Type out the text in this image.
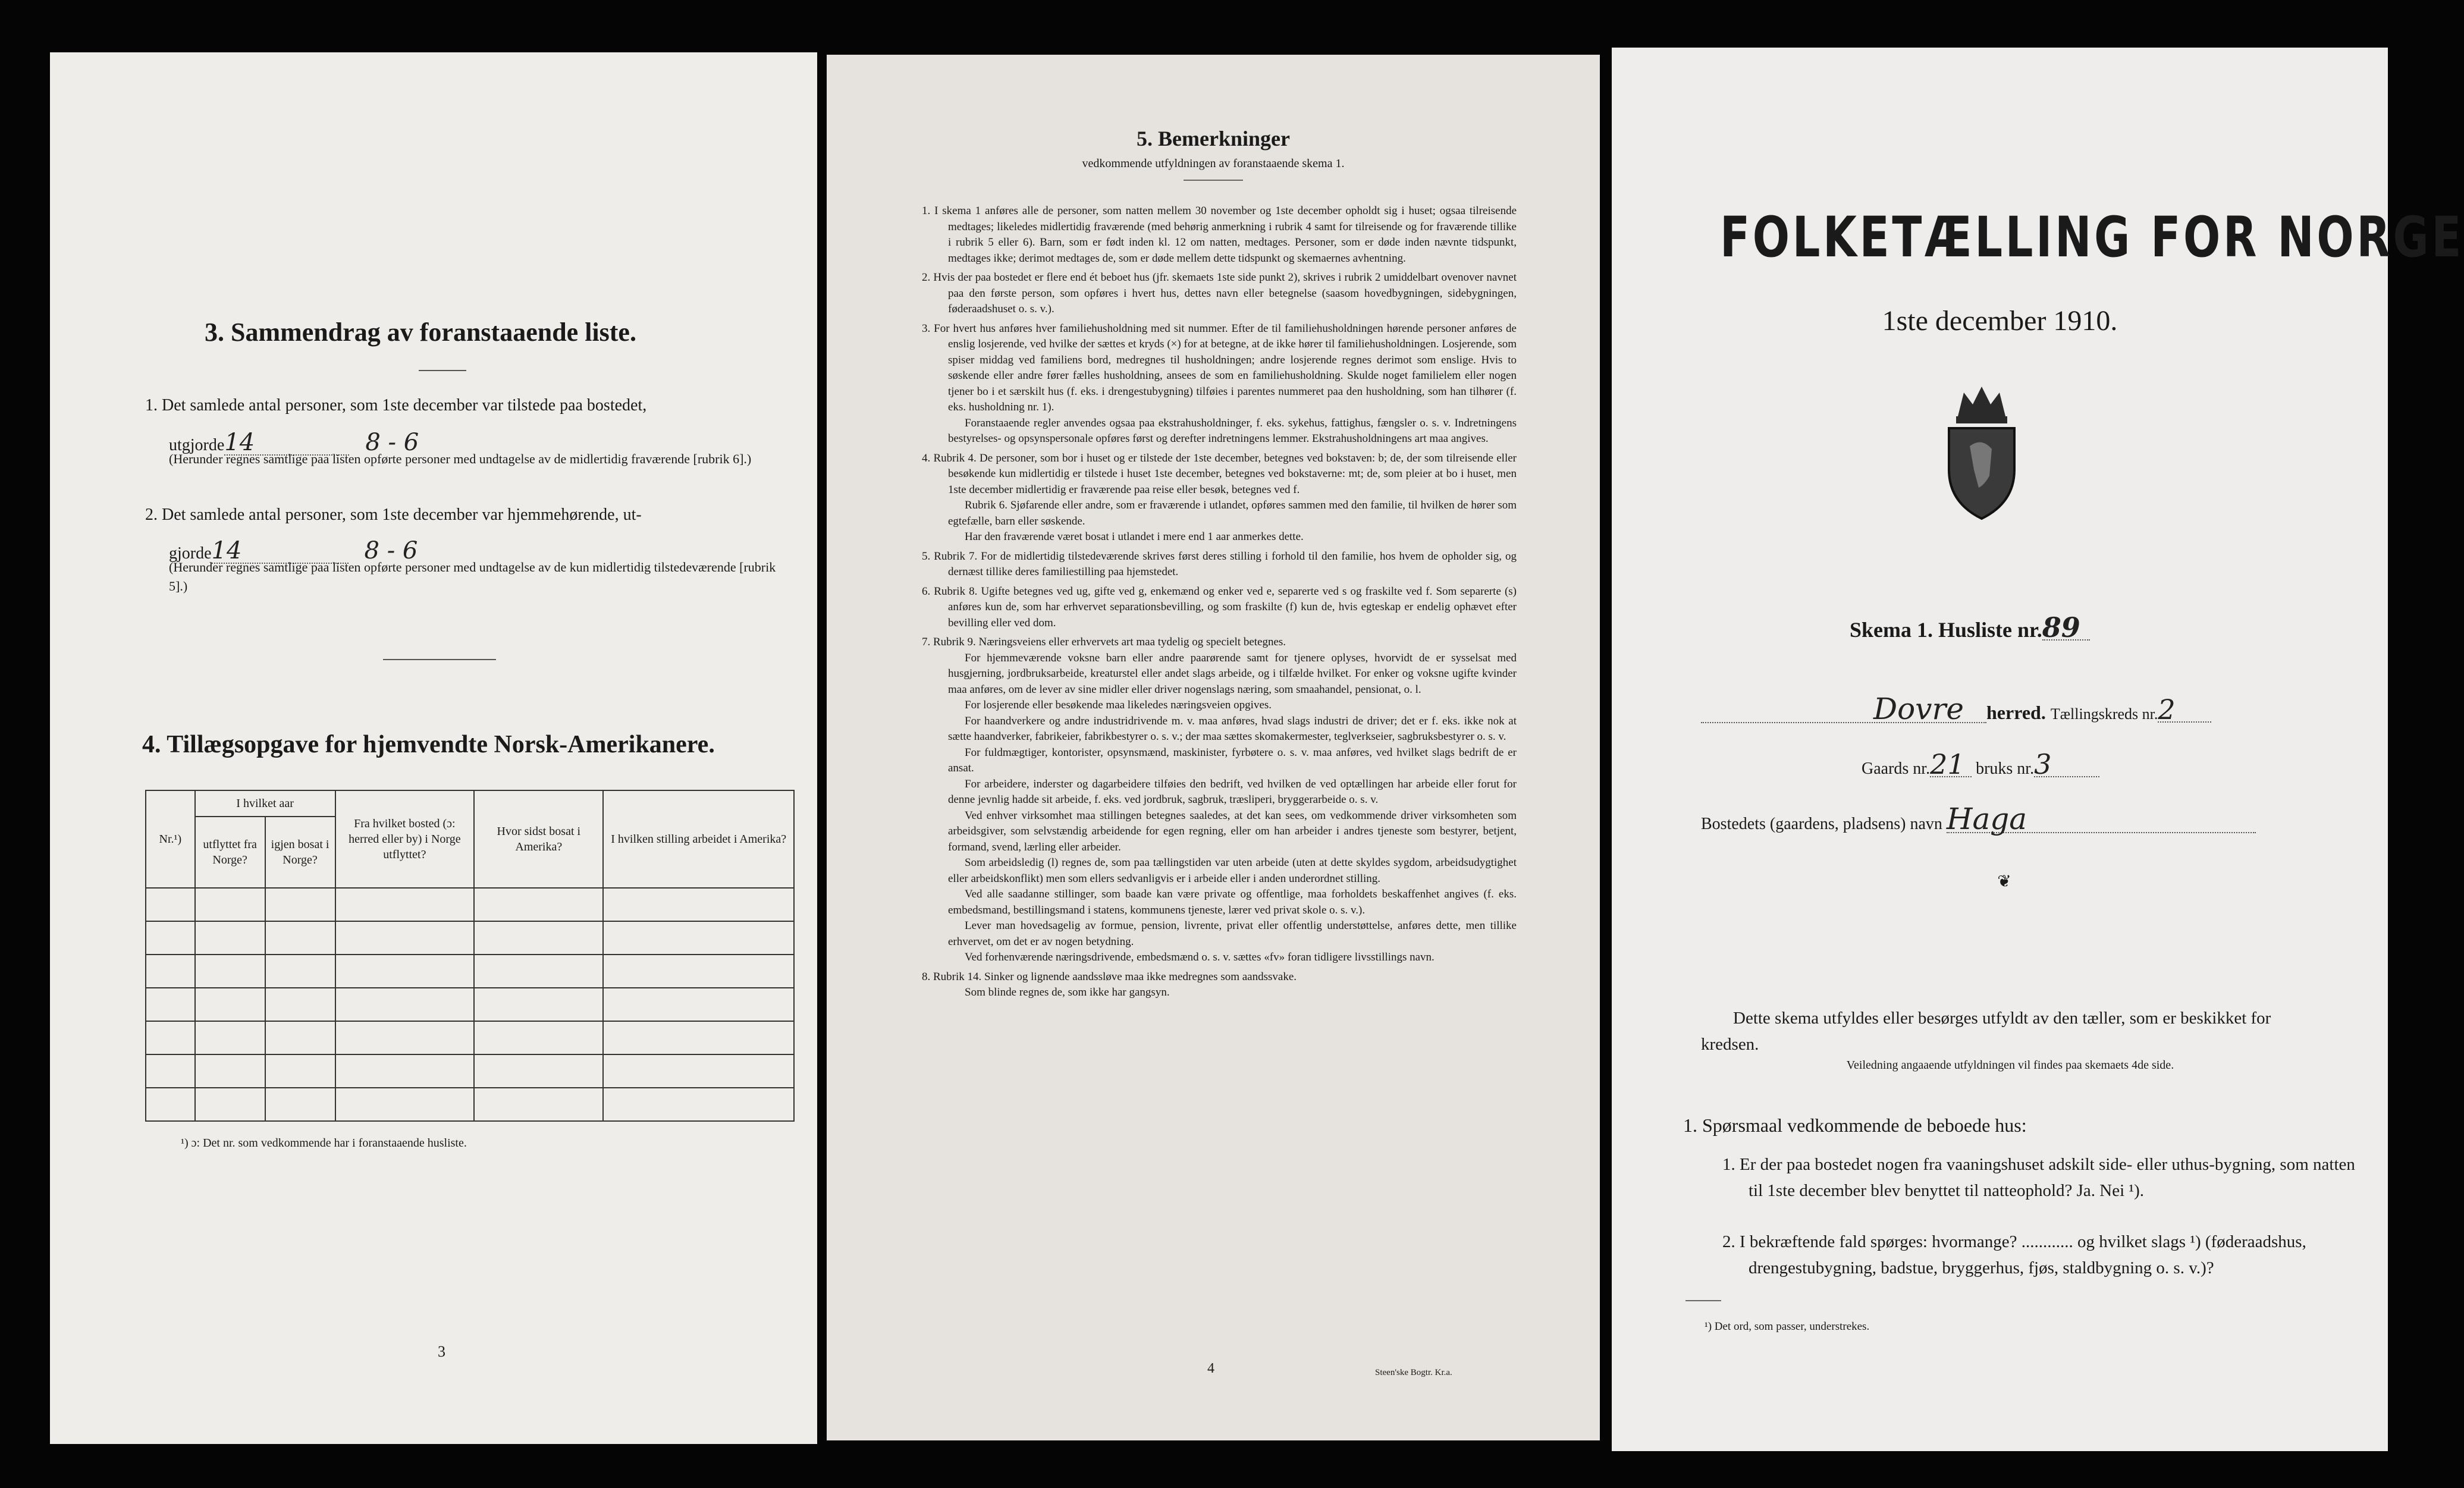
3. Sammendrag av foranstaaende liste.
1. Det samlede antal personer, som 1ste december var tilstede paa bostedet,
utgjorde14	8 - 6
(Herunder regnes samtlige paa listen opførte personer med undtagelse av de midlertidig fraværende [rubrik 6].)
2. Det samlede antal personer, som 1ste december var hjemmehørende, ut-
gjorde14	8 - 6
(Herunder regnes samtlige paa listen opførte personer med undtagelse av de kun midlertidig tilstedeværende [rubrik 5].)
4. Tillægsopgave for hjemvendte Norsk-Amerikanere.
Nr.¹)	I hvilket aar		Fra hvilket bosted (ɔ: herred eller by) i Norge utflyttet?	Hvor sidst bosat i Amerika?	I hvilken stilling arbeidet i Amerika?
	utflyttet fra Norge?	igjen bosat i Norge?			

¹) ɔ: Det nr. som vedkommende har i foranstaaende husliste.
3
5. Bemerkninger
vedkommende utfyldningen av foranstaaende skema 1.

1. I skema 1 anføres alle de personer, som natten mellem 30 november og 1ste december opholdt sig i huset; ogsaa tilreisende medtages; likeledes midlertidig fraværende (med behørig anmerkning i rubrik 4 samt for tilreisende og for fraværende tillike i rubrik 5 eller 6). Barn, som er født inden kl. 12 om natten, medtages. Personer, som er døde inden nævnte tidspunkt, medtages ikke; derimot medtages de, som er døde mellem dette tidspunkt og skemaernes avhentning.

2. Hvis der paa bostedet er flere end ét beboet hus (jfr. skemaets 1ste side punkt 2), skrives i rubrik 2 umiddelbart ovenover navnet paa den første person, som opføres i hvert hus, dettes navn eller betegnelse (saasom hovedbygningen, sidebygningen, føderaadshuset o. s. v.).

3. For hvert hus anføres hver familiehusholdning med sit nummer. Efter de til familiehusholdningen hørende personer anføres de enslig losjerende, ved hvilke der sættes et kryds (×) for at betegne, at de ikke hører til familiehusholdningen. Losjerende, som spiser middag ved familiens bord, medregnes til husholdningen; andre losjerende regnes derimot som enslige. Hvis to søskende eller andre fører fælles husholdning, ansees de som en familiehusholdning. Skulde noget familielem eller nogen tjener bo i et særskilt hus (f. eks. i drengestubygning) tilføies i parentes nummeret paa den husholdning, som han tilhører (f. eks. husholdning nr. 1).

Foranstaaende regler anvendes ogsaa paa ekstrahusholdninger, f. eks. sykehus, fattighus, fængsler o. s. v. Indretningens bestyrelses- og opsynspersonale opføres først og derefter indretningens lemmer. Ekstrahusholdningens art maa angives.

4. Rubrik 4. De personer, som bor i huset og er tilstede der 1ste december, betegnes ved bokstaven: b; de, der som tilreisende eller besøkende kun midlertidig er tilstede i huset 1ste december, betegnes ved bokstaverne: mt; de, som pleier at bo i huset, men 1ste december midlertidig er fraværende paa reise eller besøk, betegnes ved f.

Rubrik 6. Sjøfarende eller andre, som er fraværende i utlandet, opføres sammen med den familie, til hvilken de hører som egtefælle, barn eller søskende.

Har den fraværende været bosat i utlandet i mere end 1 aar anmerkes dette.

5. Rubrik 7. For de midlertidig tilstedeværende skrives først deres stilling i forhold til den familie, hos hvem de opholder sig, og dernæst tillike deres familiestilling paa hjemstedet.

6. Rubrik 8. Ugifte betegnes ved ug, gifte ved g, enkemænd og enker ved e, separerte ved s og fraskilte ved f. Som separerte (s) anføres kun de, som har erhvervet separationsbevilling, og som fraskilte (f) kun de, hvis egteskap er endelig ophævet efter bevilling eller ved dom.

7. Rubrik 9. Næringsveiens eller erhvervets art maa tydelig og specielt betegnes.

For hjemmeværende voksne barn eller andre paarørende samt for tjenere oplyses, hvorvidt de er sysselsat med husgjerning, jordbruksarbeide, kreaturstel eller andet slags arbeide, og i tilfælde hvilket. For enker og voksne ugifte kvinder maa anføres, om de lever av sine midler eller driver nogenslags næring, som smaahandel, pensionat, o. l.

For losjerende eller besøkende maa likeledes næringsveien opgives.

For haandverkere og andre industridrivende m. v. maa anføres, hvad slags industri de driver; det er f. eks. ikke nok at sætte haandverker, fabrikeier, fabrikbestyrer o. s. v.; der maa sættes skomakermester, teglverkseier, sagbruksbestyrer o. s. v.

For fuldmægtiger, kontorister, opsynsmænd, maskinister, fyrbøtere o. s. v. maa anføres, ved hvilket slags bedrift de er ansat.

For arbeidere, inderster og dagarbeidere tilføies den bedrift, ved hvilken de ved optællingen har arbeide eller forut for denne jevnlig hadde sit arbeide, f. eks. ved jordbruk, sagbruk, træsliperi, bryggerarbeide o. s. v.

Ved enhver virksomhet maa stillingen betegnes saaledes, at det kan sees, om vedkommende driver virksomheten som arbeidsgiver, som selvstændig arbeidende for egen regning, eller om han arbeider i andres tjeneste som bestyrer, betjent, formand, svend, lærling eller arbeider.

Som arbeidsledig (l) regnes de, som paa tællingstiden var uten arbeide (uten at dette skyldes sygdom, arbeidsudygtighet eller arbeidskonflikt) men som ellers sedvanligvis er i arbeide eller i anden underordnet stilling.

Ved alle saadanne stillinger, som baade kan være private og offentlige, maa forholdets beskaffenhet angives (f. eks. embedsmand, bestillingsmand i statens, kommunens tjeneste, lærer ved privat skole o. s. v.).

Lever man hovedsagelig av formue, pension, livrente, privat eller offentlig understøttelse, anføres dette, men tillike erhvervet, om det er av nogen betydning.

Ved forhenværende næringsdrivende, embedsmænd o. s. v. sættes «fv» foran tidligere livsstillings navn.

8. Rubrik 14. Sinker og lignende aandssløve maa ikke medregnes som aandssvake.

Som blinde regnes de, som ikke har gangsyn.

4	Steen'ske Bogtr. Kr.a.
FOLKETÆLLING FOR NORGE
1ste december 1910.
Skema 1. Husliste nr.89
Dovre herred. Tællingskreds nr.2
Gaards nr.21 bruks nr.3
Bostedets (gaardens, pladsens) navn Haga
❦
Dette skema utfyldes eller besørges utfyldt av den tæller, som er beskikket for kredsen.
Veiledning angaaende utfyldningen vil findes paa skemaets 4de side.
1. Spørsmaal vedkommende de beboede hus:
1. Er der paa bostedet nogen fra vaaningshuset adskilt side- eller uthus-bygning, som natten til 1ste december blev benyttet til natteophold? Ja. Nei ¹).
2. I bekræftende fald spørges: hvormange? ............ og hvilket slags ¹) (føderaadshus, drengestubygning, badstue, bryggerhus, fjøs, staldbygning o. s. v.)?
¹) Det ord, som passer, understrekes.
